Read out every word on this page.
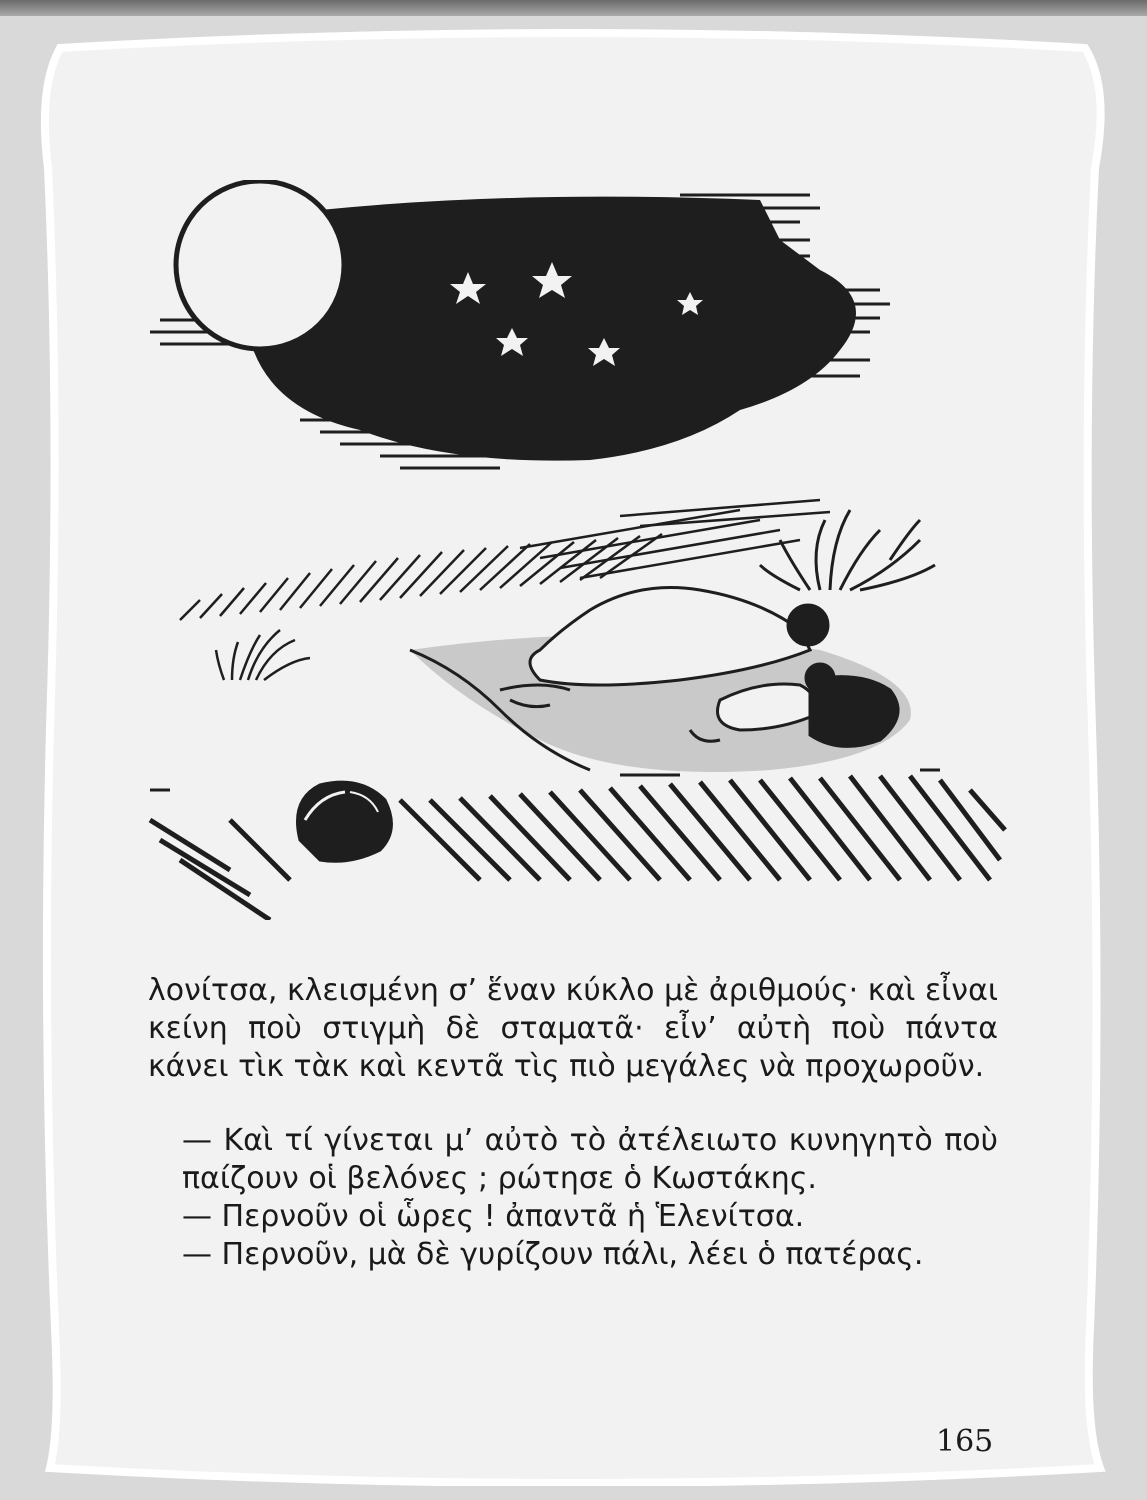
λονίτσα, κλεισμένη σ’ ἕναν κύκλο μὲ ἀριθμούς· καὶ εἶναι κείνη ποὺ στιγμὴ δὲ σταματᾶ· εἶν’ αὐτὴ ποὺ πάντα κάνει τὶκ τὰκ καὶ κεντᾶ τὶς πιὸ μεγάλες νὰ προχωροῦν.

— Καὶ τί γίνεται μ’ αὐτὸ τὸ ἀτέλειωτο κυνηγητὸ ποὺ παίζουν οἱ βελόνες ; ρώτησε ὁ Κωστάκης.

— Περνοῦν οἱ ὧρες ! ἀπαντᾶ ἡ Ἑλενίτσα.

— Περνοῦν, μὰ δὲ γυρίζουν πάλι, λέει ὁ πατέρας.

165
